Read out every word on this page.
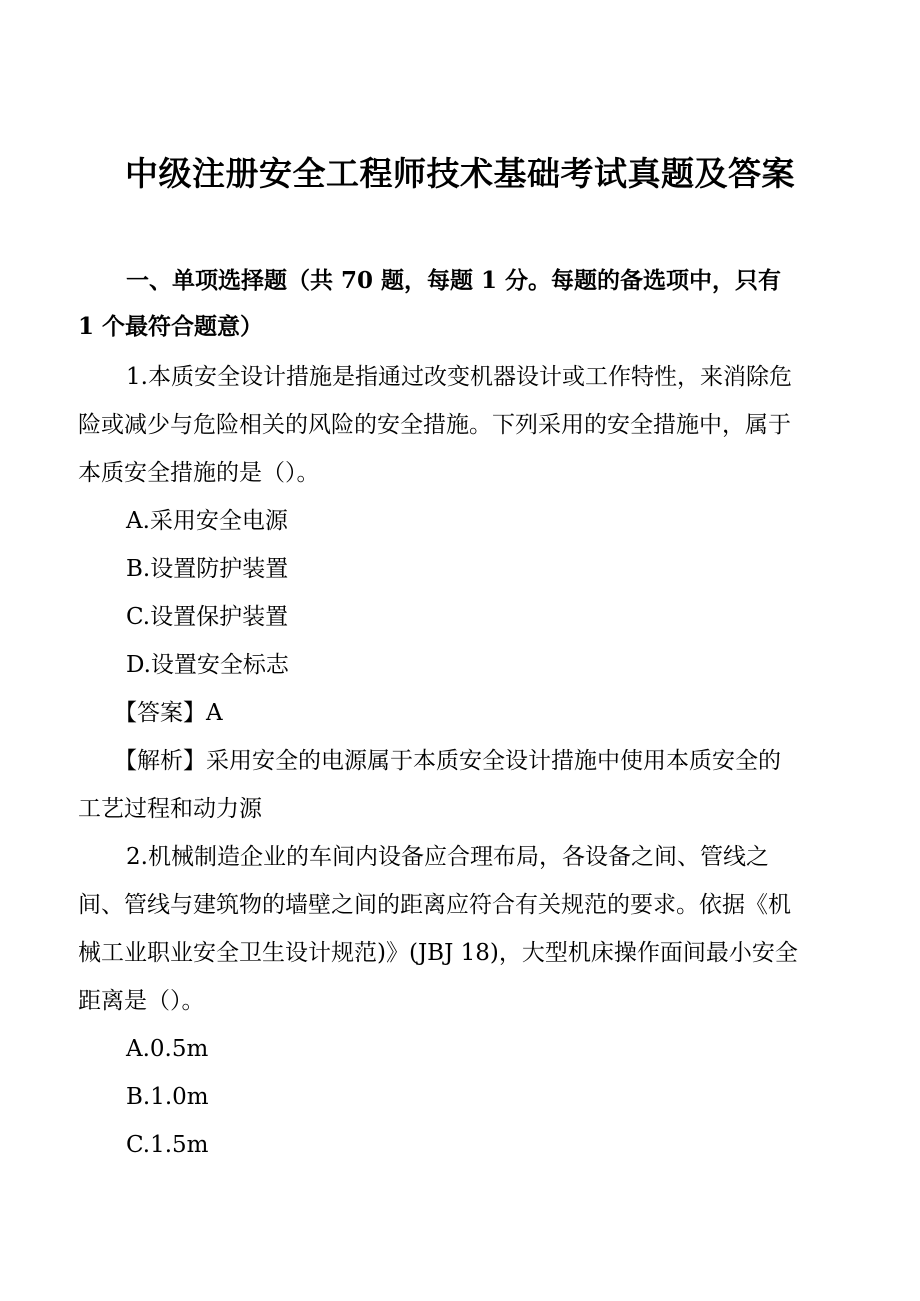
中级注册安全工程师技术基础考试真题及答案
一、单项选择题（共 70 题，每题 1 分。每题的备选项中，只有
1 个最符合题意）
1.本质安全设计措施是指通过改变机器设计或工作特性，来消除危
险或减少与危险相关的风险的安全措施。下列采用的安全措施中，属于
本质安全措施的是（）。
A.采用安全电源
B.设置防护装置
C.设置保护装置
D.设置安全标志
【答案】A
【解析】采用安全的电源属于本质安全设计措施中使用本质安全的
工艺过程和动力源
2.机械制造企业的车间内设备应合理布局，各设备之间、管线之
间、管线与建筑物的墙壁之间的距离应符合有关规范的要求。依据《机
械工业职业安全卫生设计规范)》(JBJ 18)，大型机床操作面间最小安全
距离是（）。
A.0.5m
B.1.0m
C.1.5m
